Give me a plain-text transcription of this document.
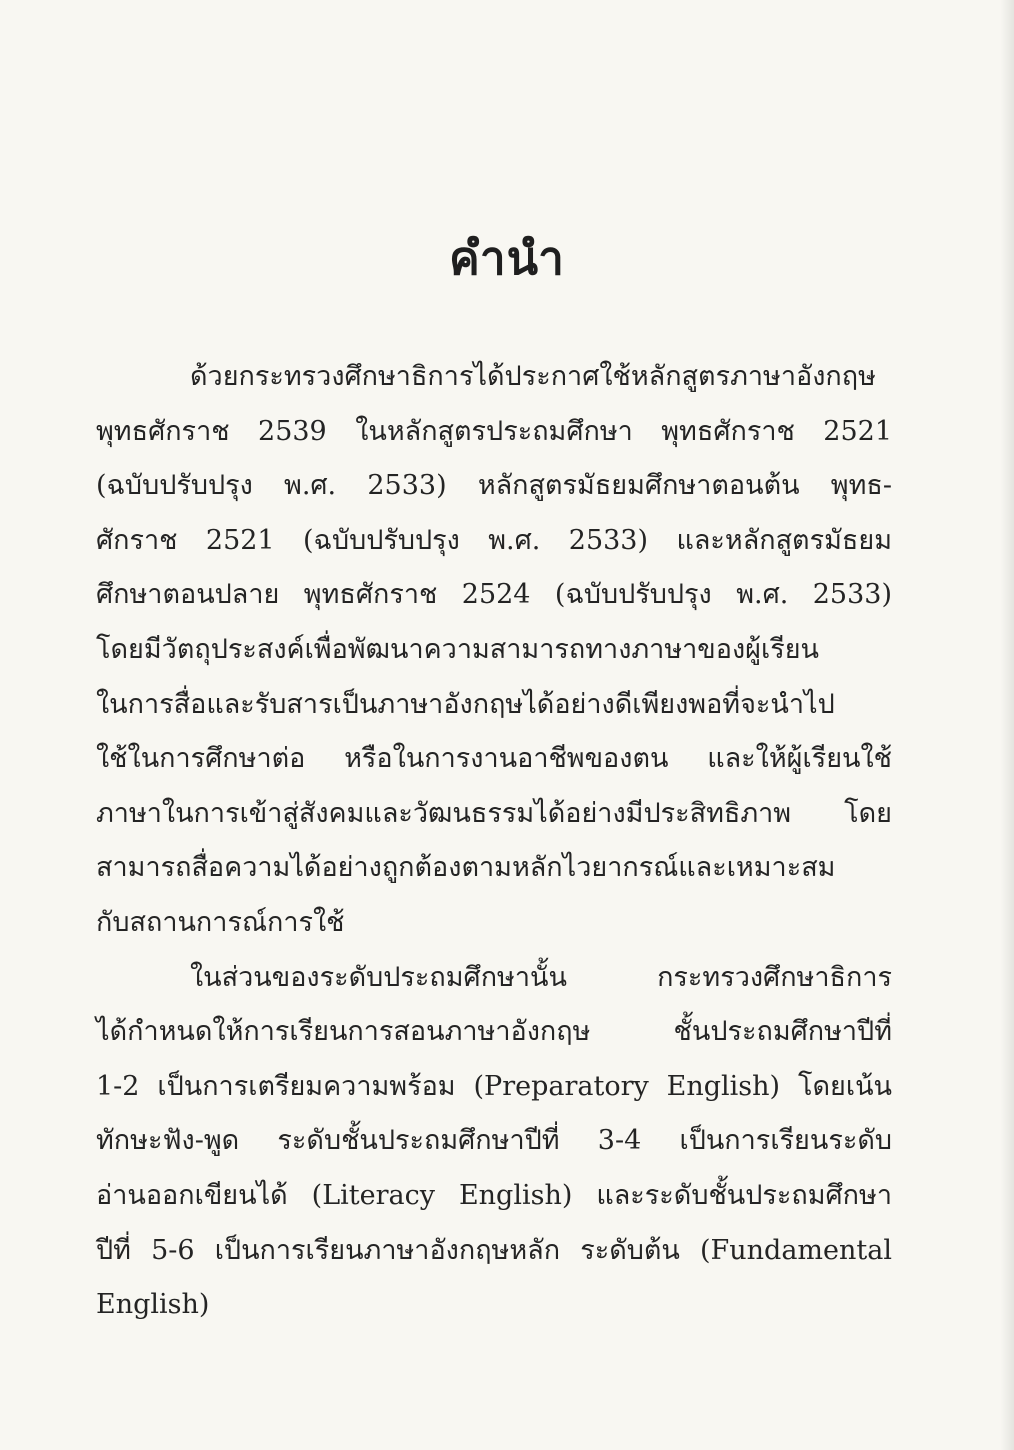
คำนำ
ด้วยกระทรวงศึกษาธิการได้ประกาศใช้หลักสูตรภาษาอังกฤษ
พุทธศักราช 2539 ในหลักสูตรประถมศึกษา พุทธศักราช 2521
(ฉบับปรับปรุง พ.ศ. 2533) หลักสูตรมัธยมศึกษาตอนต้น พุทธ-
ศักราช 2521 (ฉบับปรับปรุง พ.ศ. 2533) และหลักสูตรมัธยม
ศึกษาตอนปลาย พุทธศักราช 2524 (ฉบับปรับปรุง พ.ศ. 2533)
โดยมีวัตถุประสงค์เพื่อพัฒนาความสามารถทางภาษาของผู้เรียน
ในการสื่อและรับสารเป็นภาษาอังกฤษได้อย่างดีเพียงพอที่จะนำไป
ใช้ในการศึกษาต่อ หรือในการงานอาชีพของตน และให้ผู้เรียนใช้
ภาษาในการเข้าสู่สังคมและวัฒนธรรมได้อย่างมีประสิทธิภาพ โดย
สามารถสื่อความได้อย่างถูกต้องตามหลักไวยากรณ์และเหมาะสม
กับสถานการณ์การใช้
ในส่วนของระดับประถมศึกษานั้น กระทรวงศึกษาธิการ
ได้กำหนดให้การเรียนการสอนภาษาอังกฤษ ชั้นประถมศึกษาปีที่
1-2 เป็นการเตรียมความพร้อม (Preparatory English) โดยเน้น
ทักษะฟัง-พูด ระดับชั้นประถมศึกษาปีที่ 3-4 เป็นการเรียนระดับ
อ่านออกเขียนได้ (Literacy English) และระดับชั้นประถมศึกษา
ปีที่ 5-6 เป็นการเรียนภาษาอังกฤษหลัก ระดับต้น (Fundamental
English)
